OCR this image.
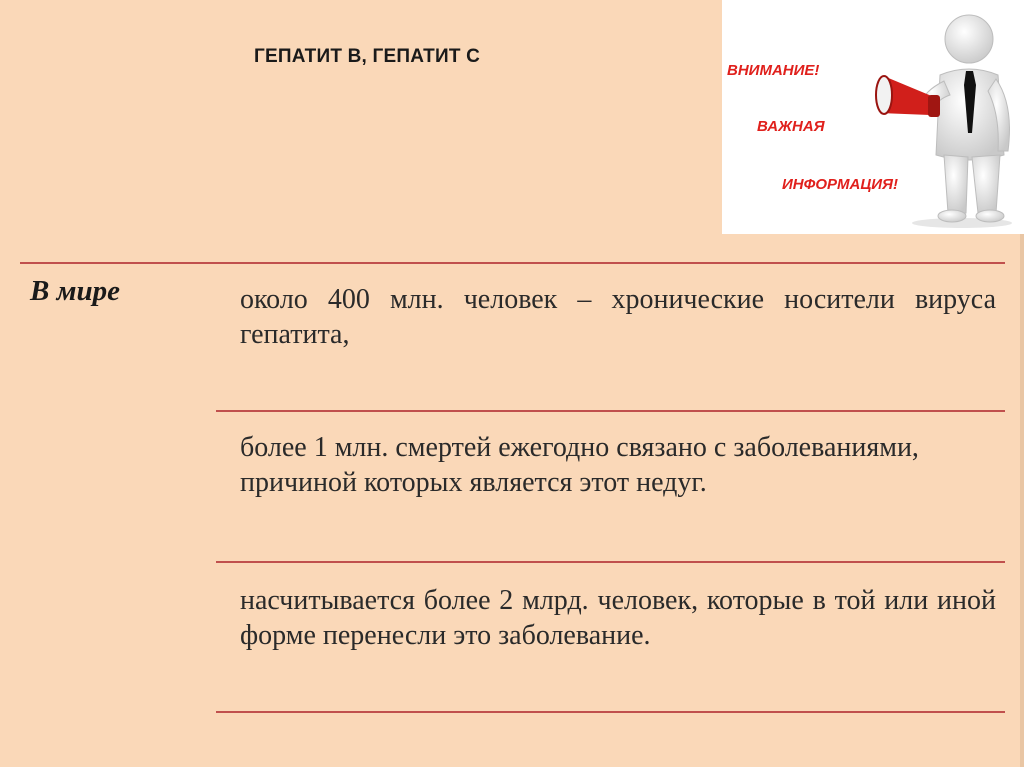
ГЕПАТИТ В, ГЕПАТИТ С
ВНИМАНИЕ!
ВАЖНАЯ
ИНФОРМАЦИЯ!
В мире	около 400 млн. человек – хронические носители вируса гепатита,
более 1 млн. смертей ежегодно связано с заболеваниями, причиной которых является этот недуг.
насчитывается более 2 млрд. человек, которые в той или иной форме перенесли это заболевание.
